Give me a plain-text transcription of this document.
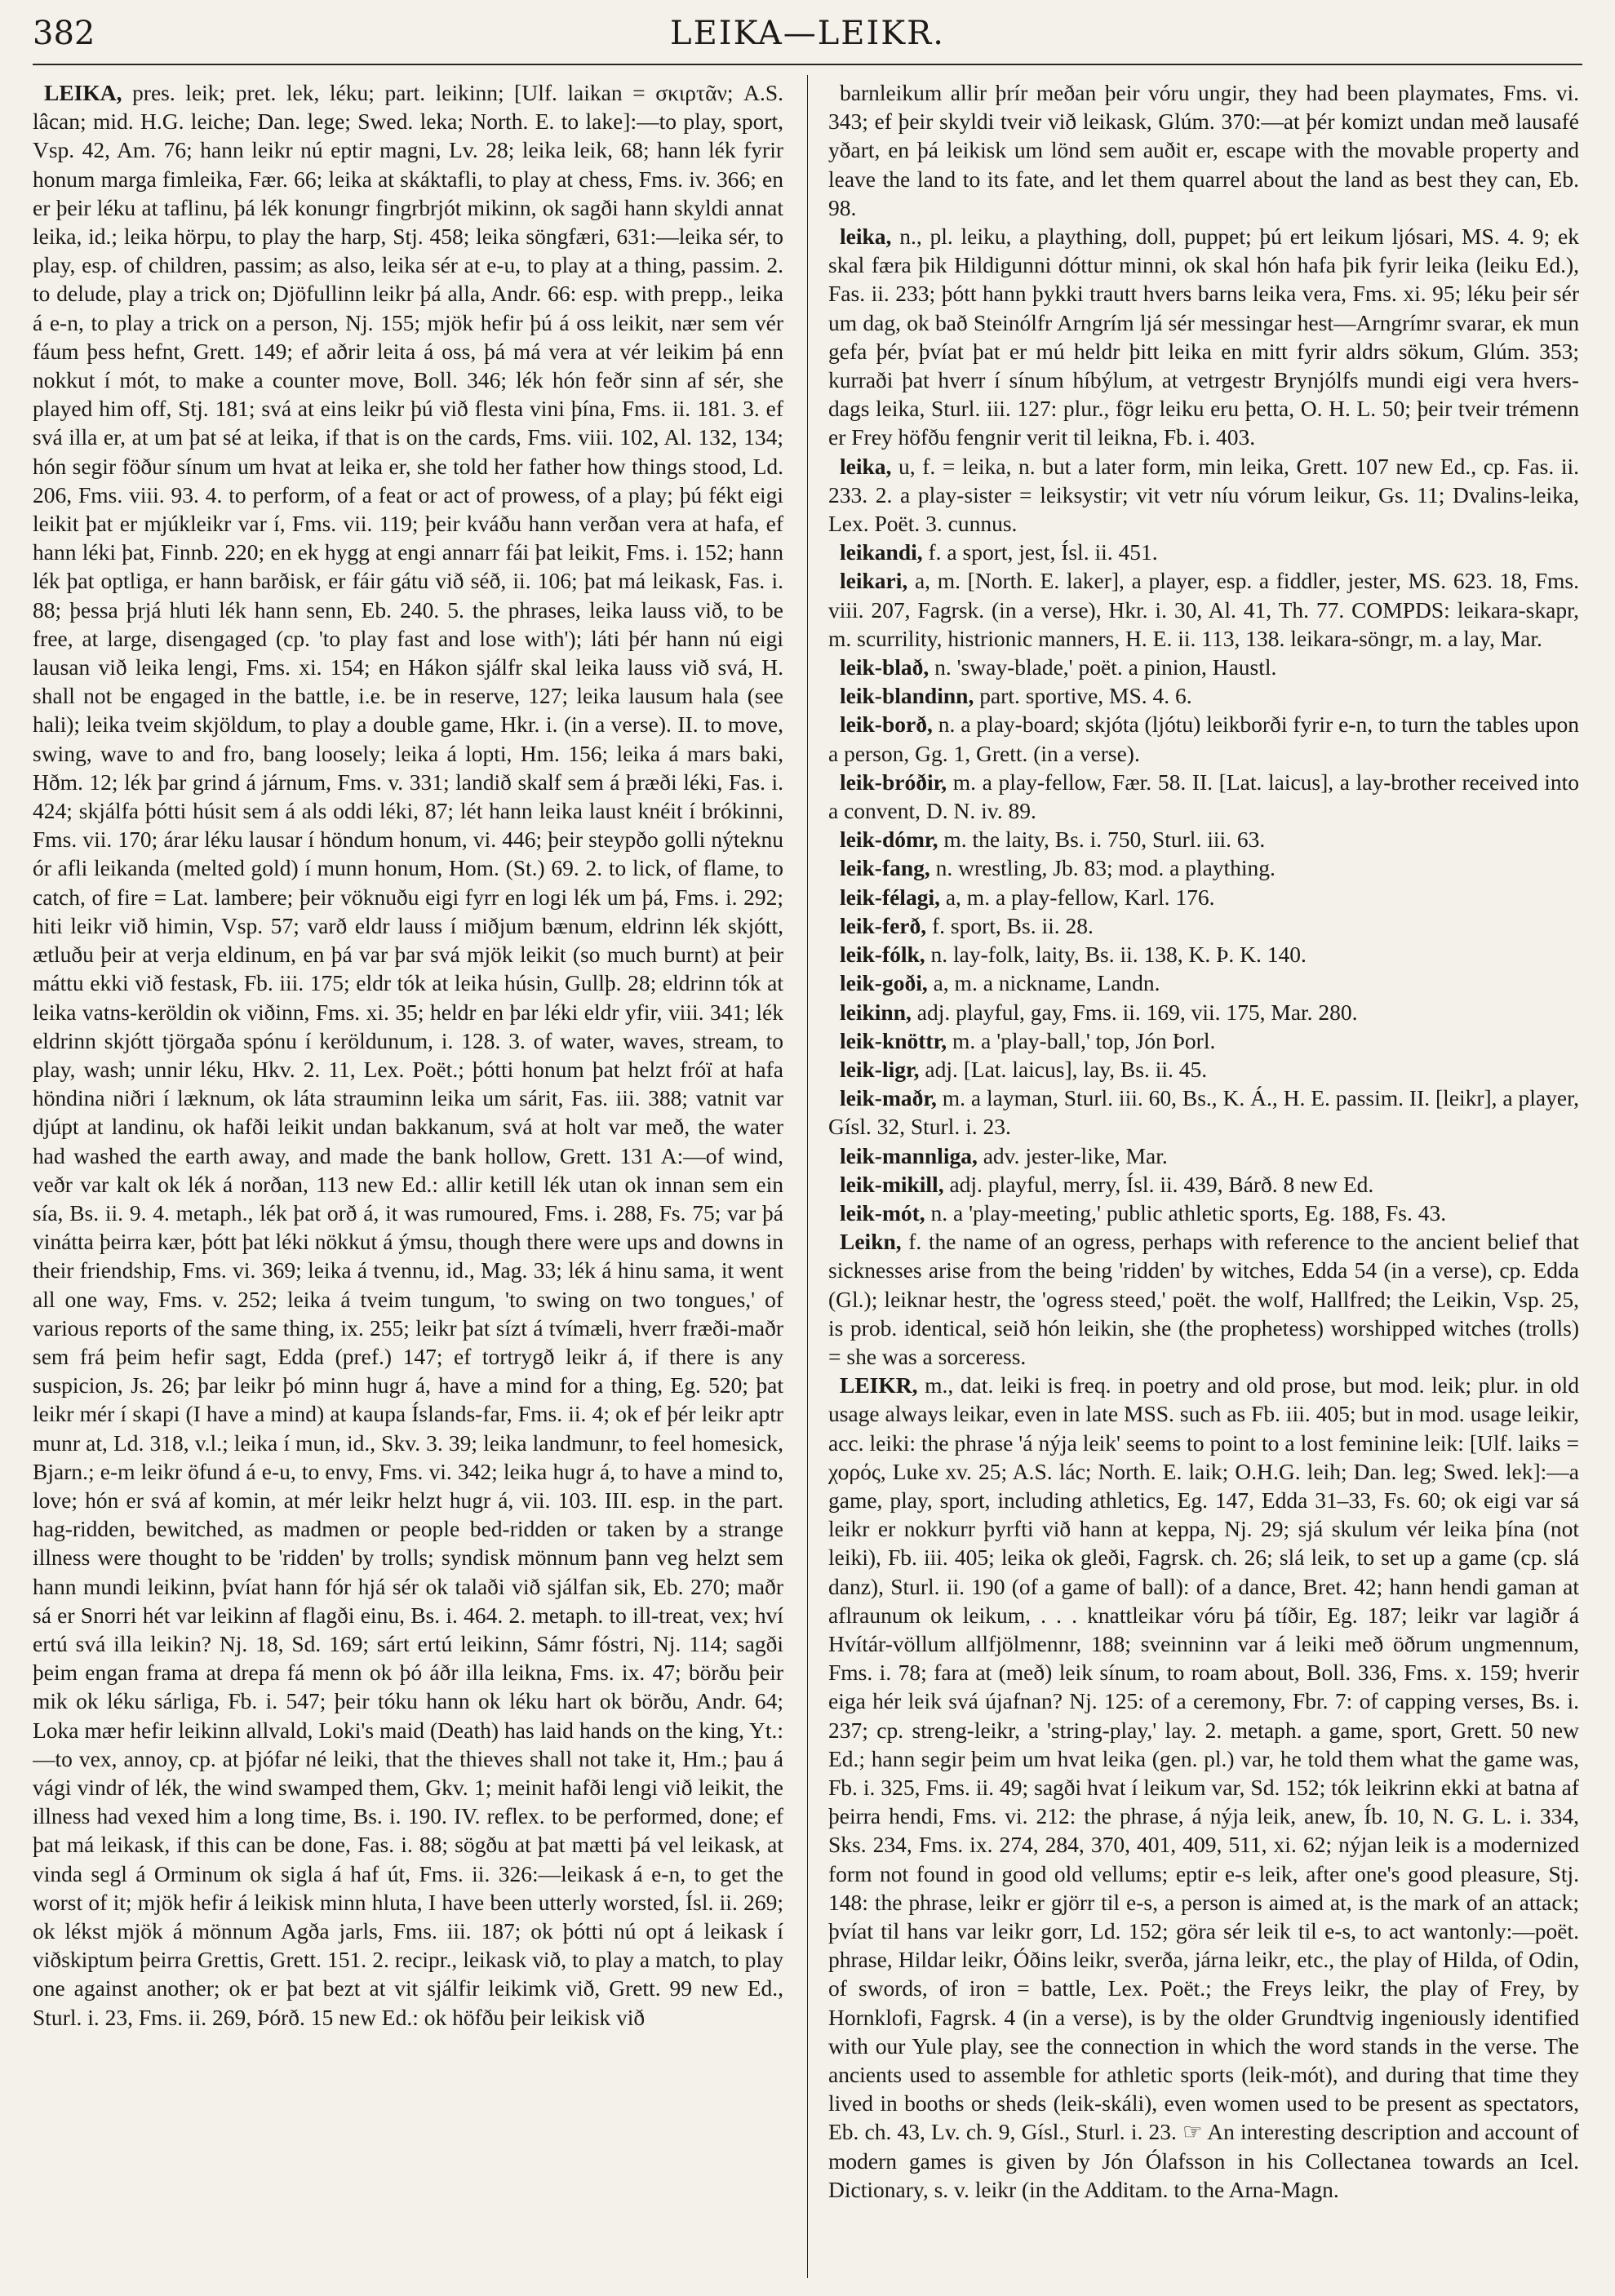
382	LEIKA—LEIKR.

LEIKA, pres. leik; pret. lek, léku; part. leikinn; [Ulf. laikan = σκιρτᾶν; A.S. lâcan; mid. H.G. leiche; Dan. lege; Swed. leka; North. E. to lake]:—to play, sport, Vsp. 42, Am. 76; hann leikr nú eptir magni, Lv. 28; leika leik, 68; hann lék fyrir honum marga fimleika, Fær. 66; leika at skáktafli, to play at chess, Fms. iv. 366; en er þeir léku at taflinu, þá lék konungr fingrbrjót mikinn, ok sagði hann skyldi annat leika, id.; leika hörpu, to play the harp, Stj. 458; leika söngfæri, 631:—leika sér, to play, esp. of children, passim; as also, leika sér at e-u, to play at a thing, passim. 2. to delude, play a trick on; Djöfullinn leikr þá alla, Andr. 66: esp. with prepp., leika á e-n, to play a trick on a person, Nj. 155; mjök hefir þú á oss leikit, nær sem vér fáum þess hefnt, Grett. 149; ef aðrir leita á oss, þá má vera at vér leikim þá enn nokkut í mót, to make a counter move, Boll. 346; lék hón feðr sinn af sér, she played him off, Stj. 181; svá at eins leikr þú við flesta vini þína, Fms. ii. 181. 3. ef svá illa er, at um þat sé at leika, if that is on the cards, Fms. viii. 102, Al. 132, 134; hón segir föður sínum um hvat at leika er, she told her father how things stood, Ld. 206, Fms. viii. 93. 4. to perform, of a feat or act of prowess, of a play; þú fékt eigi leikit þat er mjúkleikr var í, Fms. vii. 119; þeir kváðu hann verðan vera at hafa, ef hann léki þat, Finnb. 220; en ek hygg at engi annarr fái þat leikit, Fms. i. 152; hann lék þat optliga, er hann barðisk, er fáir gátu við séð, ii. 106; þat má leikask, Fas. i. 88; þessa þrjá hluti lék hann senn, Eb. 240. 5. the phrases, leika lauss við, to be free, at large, disengaged (cp. 'to play fast and lose with'); láti þér hann nú eigi lausan við leika lengi, Fms. xi. 154; en Hákon sjálfr skal leika lauss við svá, H. shall not be engaged in the battle, i.e. be in reserve, 127; leika lausum hala (see hali); leika tveim skjöldum, to play a double game, Hkr. i. (in a verse). II. to move, swing, wave to and fro, bang loosely; leika á lopti, Hm. 156; leika á mars baki, Hðm. 12; lék þar grind á járnum, Fms. v. 331; landið skalf sem á þræði léki, Fas. i. 424; skjálfa þótti húsit sem á als oddi léki, 87; lét hann leika laust knéit í brókinni, Fms. vii. 170; árar léku lausar í höndum honum, vi. 446; þeir steypðo golli nýteknu ór afli leikanda (melted gold) í munn honum, Hom. (St.) 69. 2. to lick, of flame, to catch, of fire = Lat. lambere; þeir vöknuðu eigi fyrr en logi lék um þá, Fms. i. 292; hiti leikr við himin, Vsp. 57; varð eldr lauss í miðjum bænum, eldrinn lék skjótt, ætluðu þeir at verja eldinum, en þá var þar svá mjök leikit (so much burnt) at þeir máttu ekki við festask, Fb. iii. 175; eldr tók at leika húsin, Gullþ. 28; eldrinn tók at leika vatns-keröldin ok viðinn, Fms. xi. 35; heldr en þar léki eldr yfir, viii. 341; lék eldrinn skjótt tjörgaða spónu í keröldunum, i. 128. 3. of water, waves, stream, to play, wash; unnir léku, Hkv. 2. 11, Lex. Poët.; þótti honum þat helzt fróï at hafa höndina niðri í læknum, ok láta strauminn leika um sárit, Fas. iii. 388; vatnit var djúpt at landinu, ok hafði leikit undan bakkanum, svá at holt var með, the water had washed the earth away, and made the bank hollow, Grett. 131 A:—of wind, veðr var kalt ok lék á norðan, 113 new Ed.: allir ketill lék utan ok innan sem ein sía, Bs. ii. 9. 4. metaph., lék þat orð á, it was rumoured, Fms. i. 288, Fs. 75; var þá vinátta þeirra kær, þótt þat léki nökkut á ýmsu, though there were ups and downs in their friendship, Fms. vi. 369; leika á tvennu, id., Mag. 33; lék á hinu sama, it went all one way, Fms. v. 252; leika á tveim tungum, 'to swing on two tongues,' of various reports of the same thing, ix. 255; leikr þat sízt á tvímæli, hverr fræði-maðr sem frá þeim hefir sagt, Edda (pref.) 147; ef tortrygð leikr á, if there is any suspicion, Js. 26; þar leikr þó minn hugr á, have a mind for a thing, Eg. 520; þat leikr mér í skapi (I have a mind) at kaupa Íslands-far, Fms. ii. 4; ok ef þér leikr aptr munr at, Ld. 318, v.l.; leika í mun, id., Skv. 3. 39; leika landmunr, to feel homesick, Bjarn.; e-m leikr öfund á e-u, to envy, Fms. vi. 342; leika hugr á, to have a mind to, love; hón er svá af komin, at mér leikr helzt hugr á, vii. 103. III. esp. in the part. hag-ridden, bewitched, as madmen or people bed-ridden or taken by a strange illness were thought to be 'ridden' by trolls; syndisk mönnum þann veg helzt sem hann mundi leikinn, þvíat hann fór hjá sér ok talaði við sjálfan sik, Eb. 270; maðr sá er Snorri hét var leikinn af flagði einu, Bs. i. 464. 2. metaph. to ill-treat, vex; hví ertú svá illa leikin? Nj. 18, Sd. 169; sárt ertú leikinn, Sámr fóstri, Nj. 114; sagði þeim engan frama at drepa fá menn ok þó áðr illa leikna, Fms. ix. 47; börðu þeir mik ok léku sárliga, Fb. i. 547; þeir tóku hann ok léku hart ok börðu, Andr. 64; Loka mær hefir leikinn allvald, Loki's maid (Death) has laid hands on the king, Yt.:—to vex, annoy, cp. at þjófar né leiki, that the thieves shall not take it, Hm.; þau á vági vindr of lék, the wind swamped them, Gkv. 1; meinit hafði lengi við leikit, the illness had vexed him a long time, Bs. i. 190. IV. reflex. to be performed, done; ef þat má leikask, if this can be done, Fas. i. 88; sögðu at þat mætti þá vel leikask, at vinda segl á Orminum ok sigla á haf út, Fms. ii. 326:—leikask á e-n, to get the worst of it; mjök hefir á leikisk minn hluta, I have been utterly worsted, Ísl. ii. 269; ok lékst mjök á mönnum Agða jarls, Fms. iii. 187; ok þótti nú opt á leikask í viðskiptum þeirra Grettis, Grett. 151. 2. recipr., leikask við, to play a match, to play one against another; ok er þat bezt at vit sjálfir leikimk við, Grett. 99 new Ed., Sturl. i. 23, Fms. ii. 269, Þórð. 15 new Ed.: ok höfðu þeir leikisk við

barnleikum allir þrír meðan þeir vóru ungir, they had been playmates, Fms. vi. 343; ef þeir skyldi tveir við leikask, Glúm. 370:—at þér komizt undan með lausafé yðart, en þá leikisk um lönd sem auðit er, escape with the movable property and leave the land to its fate, and let them quarrel about the land as best they can, Eb. 98.

leika, n., pl. leiku, a plaything, doll, puppet; þú ert leikum ljósari, MS. 4. 9; ek skal færa þik Hildigunni dóttur minni, ok skal hón hafa þik fyrir leika (leiku Ed.), Fas. ii. 233; þótt hann þykki trautt hvers barns leika vera, Fms. xi. 95; léku þeir sér um dag, ok bað Steinólfr Arngrím ljá sér messingar hest—Arngrímr svarar, ek mun gefa þér, þvíat þat er mú heldr þitt leika en mitt fyrir aldrs sökum, Glúm. 353; kurraði þat hverr í sínum híbýlum, at vetrgestr Brynjólfs mundi eigi vera hvers-dags leika, Sturl. iii. 127: plur., fögr leiku eru þetta, O. H. L. 50; þeir tveir trémenn er Frey höfðu fengnir verit til leikna, Fb. i. 403.

leika, u, f. = leika, n. but a later form, min leika, Grett. 107 new Ed., cp. Fas. ii. 233. 2. a play-sister = leiksystir; vit vetr níu vórum leikur, Gs. 11; Dvalins-leika, Lex. Poët. 3. cunnus.

leikandi, f. a sport, jest, Ísl. ii. 451.

leikari, a, m. [North. E. laker], a player, esp. a fiddler, jester, MS. 623. 18, Fms. viii. 207, Fagrsk. (in a verse), Hkr. i. 30, Al. 41, Th. 77. COMPDS: leikara-skapr, m. scurrility, histrionic manners, H. E. ii. 113, 138. leikara-söngr, m. a lay, Mar.

leik-blað, n. 'sway-blade,' poët. a pinion, Haustl.

leik-blandinn, part. sportive, MS. 4. 6.

leik-borð, n. a play-board; skjóta (ljótu) leikborði fyrir e-n, to turn the tables upon a person, Gg. 1, Grett. (in a verse).

leik-bróðir, m. a play-fellow, Fær. 58. II. [Lat. laicus], a lay-brother received into a convent, D. N. iv. 89.

leik-dómr, m. the laity, Bs. i. 750, Sturl. iii. 63.

leik-fang, n. wrestling, Jb. 83; mod. a plaything.

leik-félagi, a, m. a play-fellow, Karl. 176.

leik-ferð, f. sport, Bs. ii. 28.

leik-fólk, n. lay-folk, laity, Bs. ii. 138, K. Þ. K. 140.

leik-goði, a, m. a nickname, Landn.

leikinn, adj. playful, gay, Fms. ii. 169, vii. 175, Mar. 280.

leik-knöttr, m. a 'play-ball,' top, Jón Þorl.

leik-ligr, adj. [Lat. laicus], lay, Bs. ii. 45.

leik-maðr, m. a layman, Sturl. iii. 60, Bs., K. Á., H. E. passim. II. [leikr], a player, Gísl. 32, Sturl. i. 23.

leik-mannliga, adv. jester-like, Mar.

leik-mikill, adj. playful, merry, Ísl. ii. 439, Bárð. 8 new Ed.

leik-mót, n. a 'play-meeting,' public athletic sports, Eg. 188, Fs. 43.

Leikn, f. the name of an ogress, perhaps with reference to the ancient belief that sicknesses arise from the being 'ridden' by witches, Edda 54 (in a verse), cp. Edda (Gl.); leiknar hestr, the 'ogress steed,' poët. the wolf, Hallfred; the Leikin, Vsp. 25, is prob. identical, seið hón leikin, she (the prophetess) worshipped witches (trolls) = she was a sorceress.

LEIKR, m., dat. leiki is freq. in poetry and old prose, but mod. leik; plur. in old usage always leikar, even in late MSS. such as Fb. iii. 405; but in mod. usage leikir, acc. leiki: the phrase 'á nýja leik' seems to point to a lost feminine leik: [Ulf. laiks = χορός, Luke xv. 25; A.S. lác; North. E. laik; O.H.G. leih; Dan. leg; Swed. lek]:—a game, play, sport, including athletics, Eg. 147, Edda 31–33, Fs. 60; ok eigi var sá leikr er nokkurr þyrfti við hann at keppa, Nj. 29; sjá skulum vér leika þína (not leiki), Fb. iii. 405; leika ok gleði, Fagrsk. ch. 26; slá leik, to set up a game (cp. slá danz), Sturl. ii. 190 (of a game of ball): of a dance, Bret. 42; hann hendi gaman at aflraunum ok leikum, . . . knattleikar vóru þá tíðir, Eg. 187; leikr var lagiðr á Hvítár-völlum allfjölmennr, 188; sveinninn var á leiki með öðrum ungmennum, Fms. i. 78; fara at (með) leik sínum, to roam about, Boll. 336, Fms. x. 159; hverir eiga hér leik svá újafnan? Nj. 125: of a ceremony, Fbr. 7: of capping verses, Bs. i. 237; cp. streng-leikr, a 'string-play,' lay. 2. metaph. a game, sport, Grett. 50 new Ed.; hann segir þeim um hvat leika (gen. pl.) var, he told them what the game was, Fb. i. 325, Fms. ii. 49; sagði hvat í leikum var, Sd. 152; tók leikrinn ekki at batna af þeirra hendi, Fms. vi. 212: the phrase, á nýja leik, anew, Íb. 10, N. G. L. i. 334, Sks. 234, Fms. ix. 274, 284, 370, 401, 409, 511, xi. 62; nýjan leik is a modernized form not found in good old vellums; eptir e-s leik, after one's good pleasure, Stj. 148: the phrase, leikr er gjörr til e-s, a person is aimed at, is the mark of an attack; þvíat til hans var leikr gorr, Ld. 152; göra sér leik til e-s, to act wantonly:—poët. phrase, Hildar leikr, Óðins leikr, sverða, járna leikr, etc., the play of Hilda, of Odin, of swords, of iron = battle, Lex. Poët.; the Freys leikr, the play of Frey, by Hornklofi, Fagrsk. 4 (in a verse), is by the older Grundtvig ingeniously identified with our Yule play, see the connection in which the word stands in the verse. The ancients used to assemble for athletic sports (leik-mót), and during that time they lived in booths or sheds (leik-skáli), even women used to be present as spectators, Eb. ch. 43, Lv. ch. 9, Gísl., Sturl. i. 23. ☞ An interesting description and account of modern games is given by Jón Ólafsson in his Collectanea towards an Icel. Dictionary, s. v. leikr (in the Additam. to the Arna-Magn.
